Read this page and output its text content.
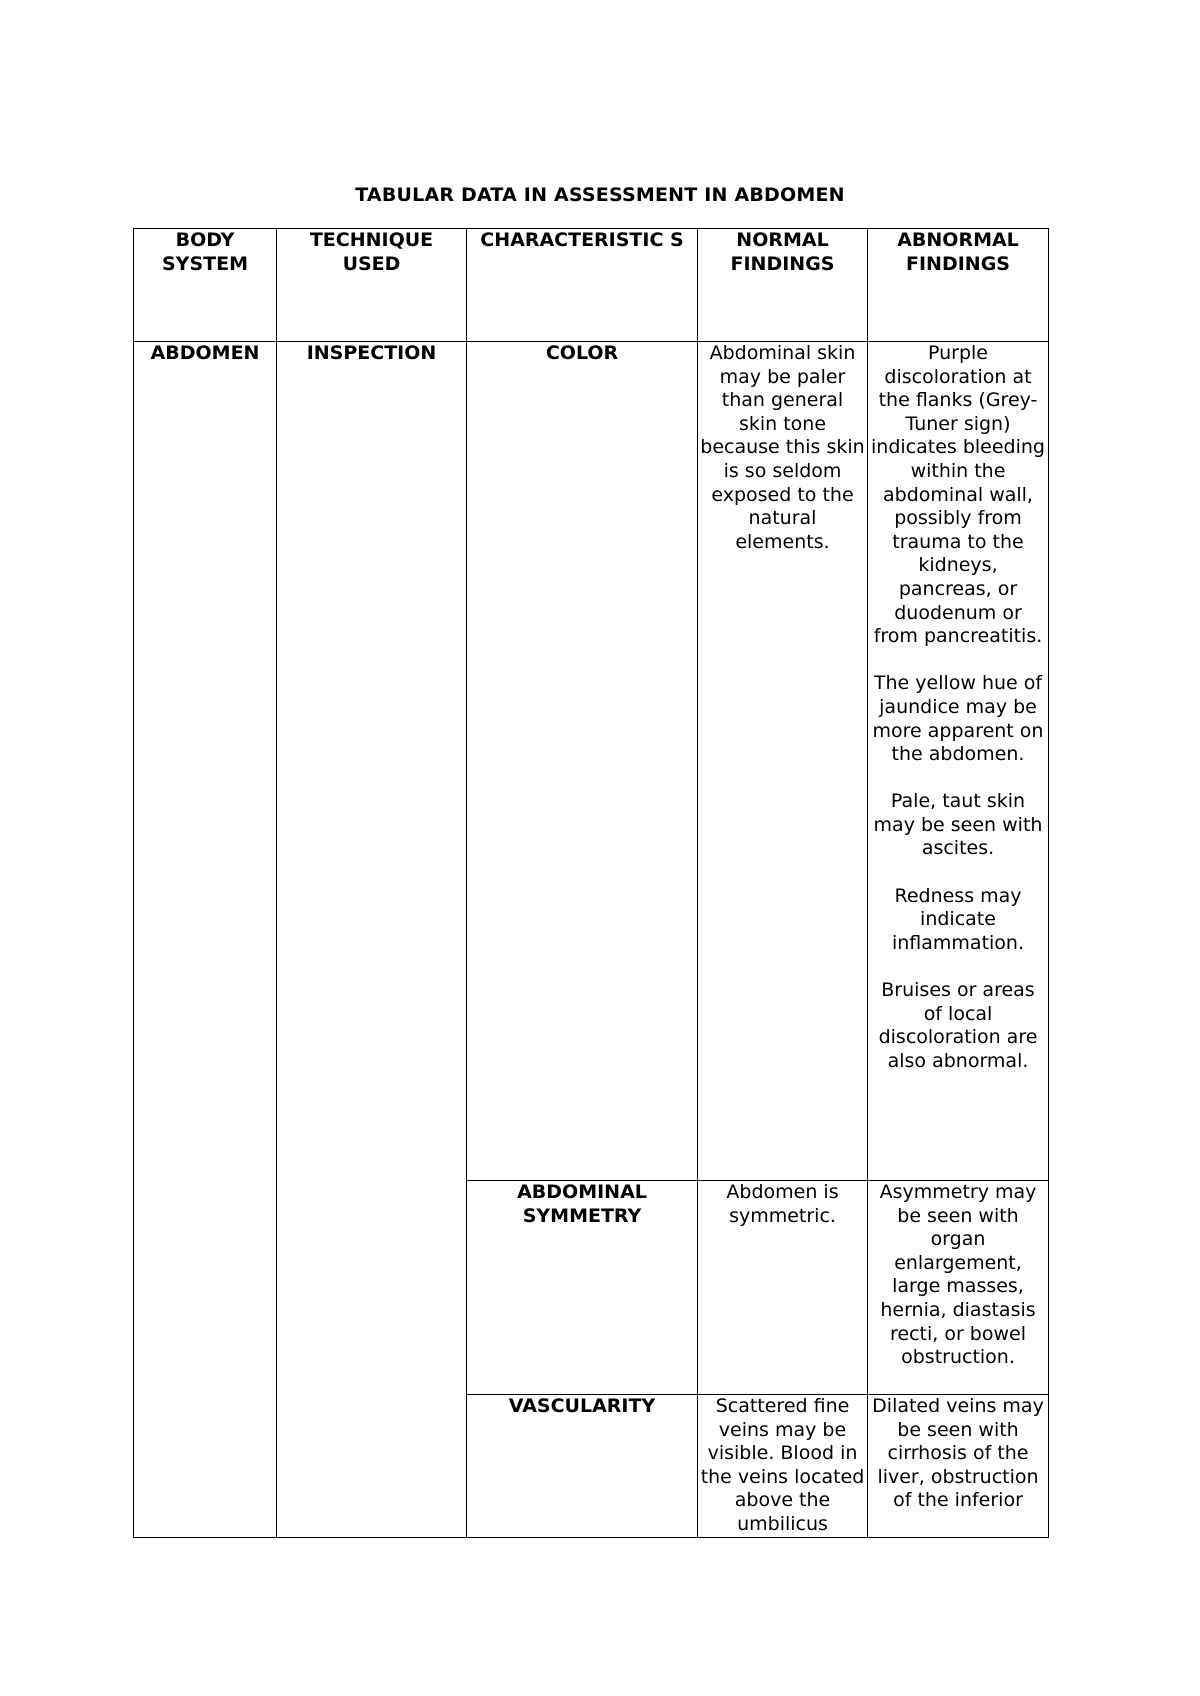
TABULAR DATA IN ASSESSMENT IN ABDOMEN
BODY SYSTEM	TECHNIQUE USED	CHARACTERISTIC S	NORMAL FINDINGS	ABNORMAL FINDINGS
ABDOMEN	INSPECTION	COLOR	Abdominal skin may be paler than general skin tone because this skin is so seldom exposed to the natural elements.	Purple discoloration at the flanks (Grey-Tuner sign) indicates bleeding within the abdominal wall, possibly from trauma to the kidneys, pancreas, or duodenum or from pancreatitis.
The yellow hue of jaundice may be more apparent on the abdomen.
Pale, taut skin may be seen with ascites.
Redness may indicate inflammation.
Bruises or areas of local discoloration are also abnormal.

		ABDOMINAL SYMMETRY	Abdomen is symmetric.	Asymmetry may be seen with organ enlargement, large masses, hernia, diastasis recti, or bowel obstruction.

		VASCULARITY	Scattered fine veins may be visible. Blood in the veins located above the umbilicus	Dilated veins may be seen with cirrhosis of the liver, obstruction of the inferior
